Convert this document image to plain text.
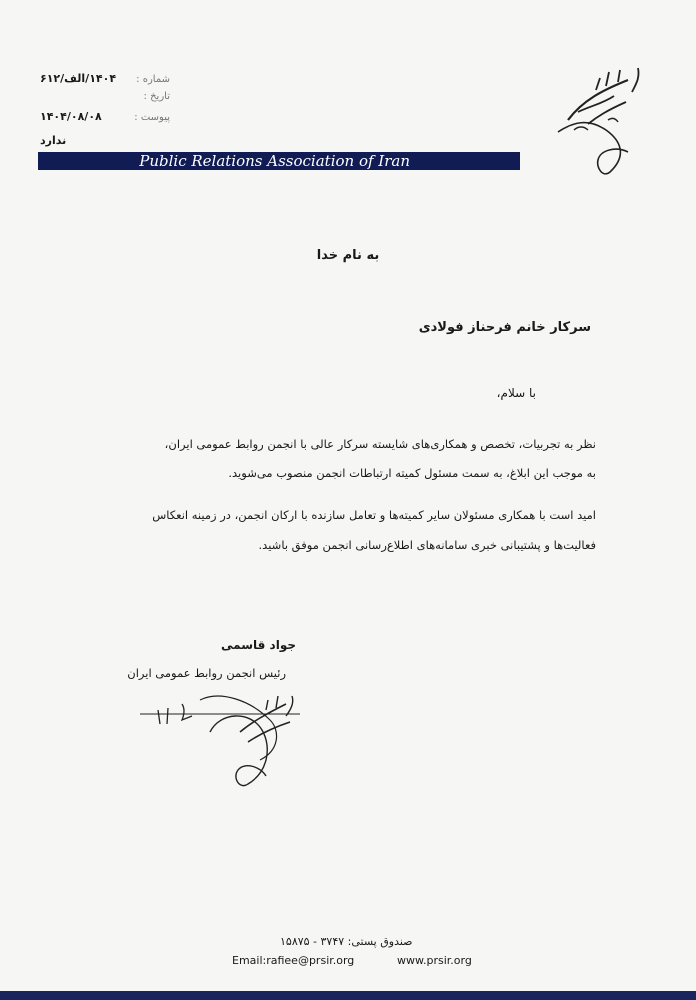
شماره :
۱۴۰۴/الف/۶۱۲
تاریخ :
پیوست :
۱۴۰۴/۰۸/۰۸
ندارد
Public Relations Association of Iran
به نام خدا
سرکار خانم فرحناز فولادی
با سلام،
نظر به تجربیات، تخصص و همکاری‌های شایسته سرکار عالی با انجمن روابط عمومی ایران،
به موجب این ابلاغ، به سمت مسئول کمیته ارتباطات انجمن منصوب می‌شوید.
امید است با همکاری مسئولان سایر کمیته‌ها و تعامل سازنده با ارکان انجمن، در زمینه انعکاس
فعالیت‌ها و پشتیبانی خبری سامانه‌های اطلاع‌رسانی انجمن موفق باشید.
جواد قاسمی
رئیس انجمن روابط عمومی ایران
صندوق پستی: ۳۷۴۷ - ۱۵۸۷۵
Email:rafiee@prsir.org	www.prsir.org
